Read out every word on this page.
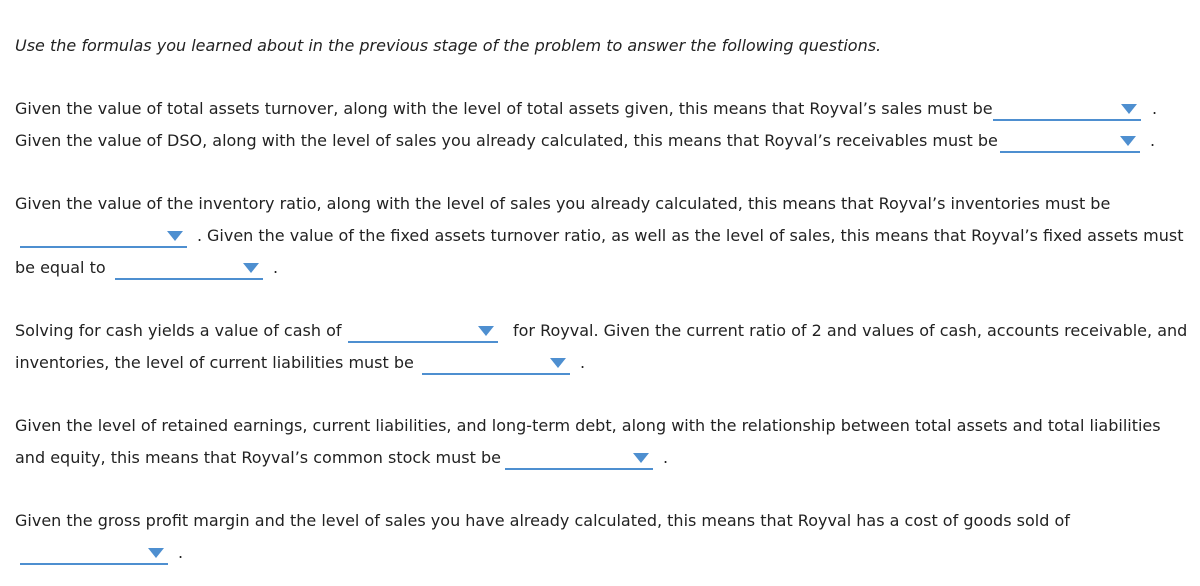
Use the formulas you learned about in the previous stage of the problem to answer the following questions.
Given the value of total assets turnover, along with the level of total assets given, this means that Royval’s sales must be	.
Given the value of DSO, along with the level of sales you already calculated, this means that Royval’s receivables must be	.
Given the value of the inventory ratio, along with the level of sales you already calculated, this means that Royval’s inventories must be
. Given the value of the fixed assets turnover ratio, as well as the level of sales, this means that Royval’s fixed assets must
be equal to	.
Solving for cash yields a value of cash of	for Royval. Given the current ratio of 2 and values of cash, accounts receivable, and
inventories, the level of current liabilities must be	.
Given the level of retained earnings, current liabilities, and long-term debt, along with the relationship between total assets and total liabilities
and equity, this means that Royval’s common stock must be	.
Given the gross profit margin and the level of sales you have already calculated, this means that Royval has a cost of goods sold of
.
